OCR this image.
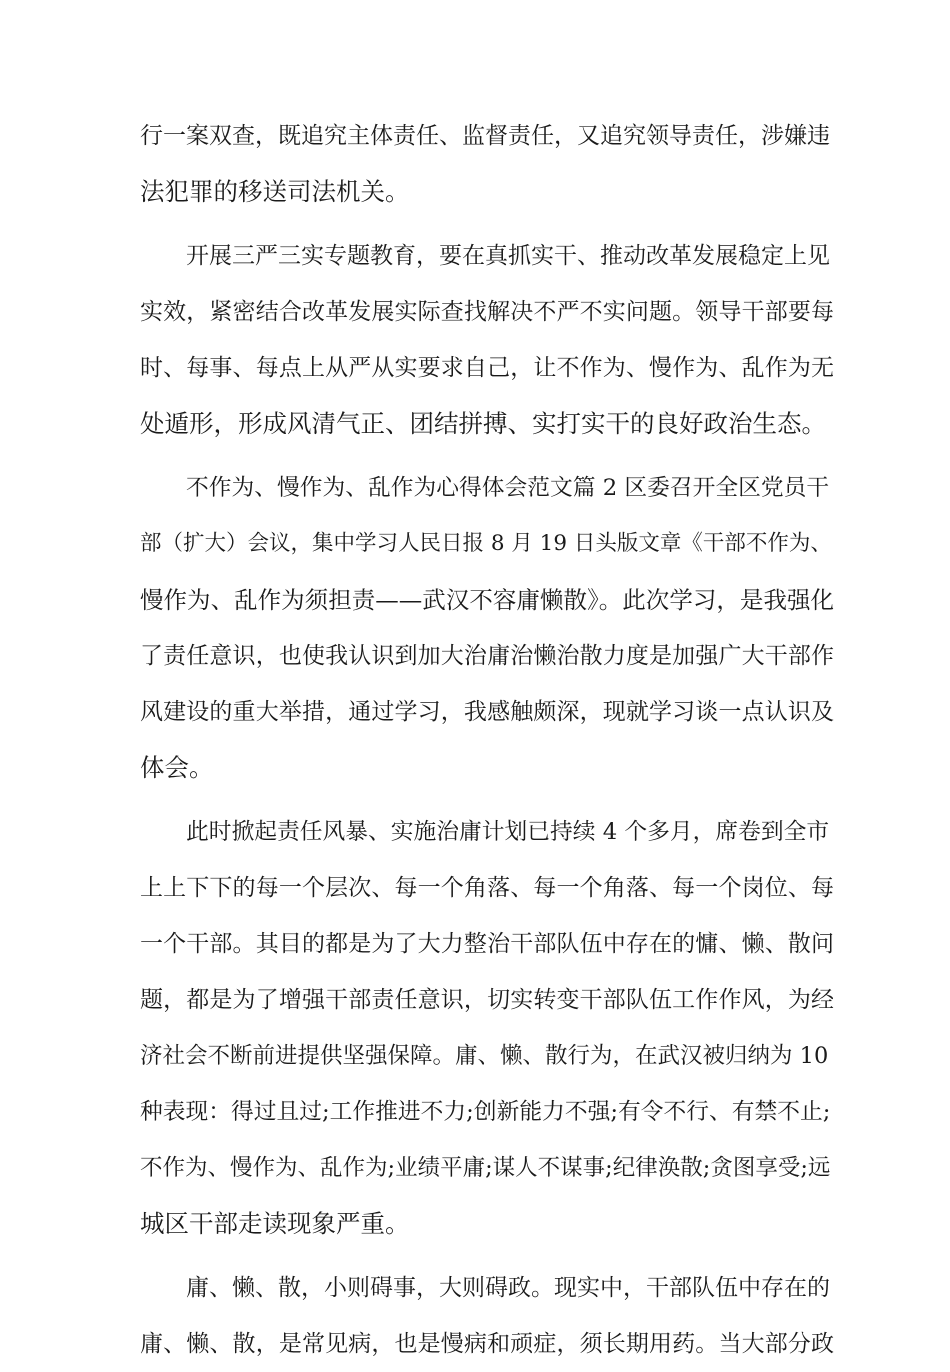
行一案双查，既追究主体责任、监督责任，又追究领导责任，涉嫌违
法犯罪的移送司法机关。
开展三严三实专题教育，要在真抓实干、推动改革发展稳定上见
实效，紧密结合改革发展实际查找解决不严不实问题。领导干部要每
时、每事、每点上从严从实要求自己，让不作为、慢作为、乱作为无
处遁形，形成风清气正、团结拼搏、实打实干的良好政治生态。
不作为、慢作为、乱作为心得体会范文篇 2 区委召开全区党员干
部（扩大）会议，集中学习人民日报 8 月 19 日头版文章《干部不作为、
慢作为、乱作为须担责——武汉不容庸懒散》。此次学习，是我强化
了责任意识，也使我认识到加大治庸治懒治散力度是加强广大干部作
风建设的重大举措，通过学习，我感触颇深，现就学习谈一点认识及
体会。
此时掀起责任风暴、实施治庸计划已持续 4 个多月，席卷到全市
上上下下的每一个层次、每一个角落、每一个角落、每一个岗位、每
一个干部。其目的都是为了大力整治干部队伍中存在的慵、懒、散问
题，都是为了增强干部责任意识，切实转变干部队伍工作作风，为经
济社会不断前进提供坚强保障。庸、懒、散行为，在武汉被归纳为 10
种表现：得过且过;工作推进不力;创新能力不强;有令不行、有禁不止;
不作为、慢作为、乱作为;业绩平庸;谋人不谋事;纪律涣散;贪图享受;远
城区干部走读现象严重。
庸、懒、散，小则碍事，大则碍政。现实中，干部队伍中存在的
庸、懒、散，是常见病，也是慢病和顽症，须长期用药。当大部分政
